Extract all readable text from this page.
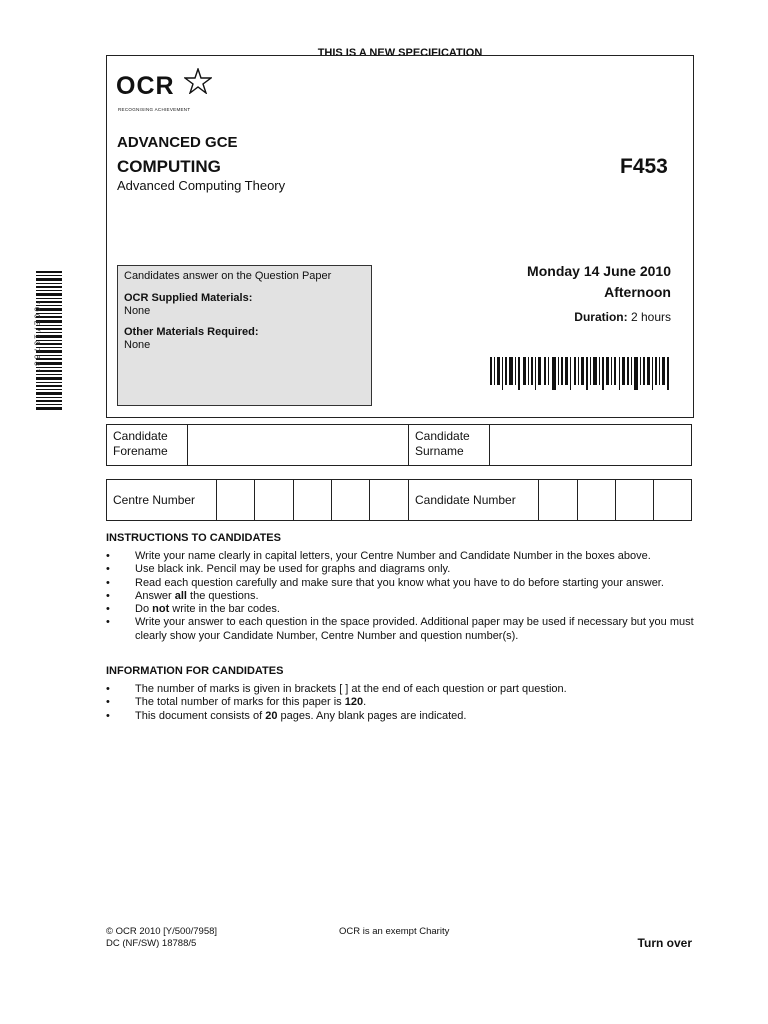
THIS IS A NEW SPECIFICATION
OCR
RECOGNISING ACHIEVEMENT
ADVANCED GCE
COMPUTING
Advanced Computing Theory
F453

Candidates answer on the Question Paper

OCR Supplied Materials:

None

Other Materials Required:

None

Monday 14 June 2010
Afternoon
Duration: 2 hours
*OCE/18788*
Candidate Forename
Candidate Surname
Centre Number	Candidate Number
INSTRUCTIONS TO CANDIDATES
• Write your name clearly in capital letters, your Centre Number and Candidate Number in the boxes above.
• Use black ink. Pencil may be used for graphs and diagrams only.
• Read each question carefully and make sure that you know what you have to do before starting your answer.
• Answer all the questions.
• Do not write in the bar codes.
• Write your answer to each question in the space provided. Additional paper may be used if necessary but you must clearly show your Candidate Number, Centre Number and question number(s).
INFORMATION FOR CANDIDATES
• The number of marks is given in brackets [ ] at the end of each question or part question.
• The total number of marks for this paper is 120.
• This document consists of 20 pages. Any blank pages are indicated.
© OCR 2010 [Y/500/7958]
DC (NF/SW) 18788/5
OCR is an exempt Charity
Turn over
